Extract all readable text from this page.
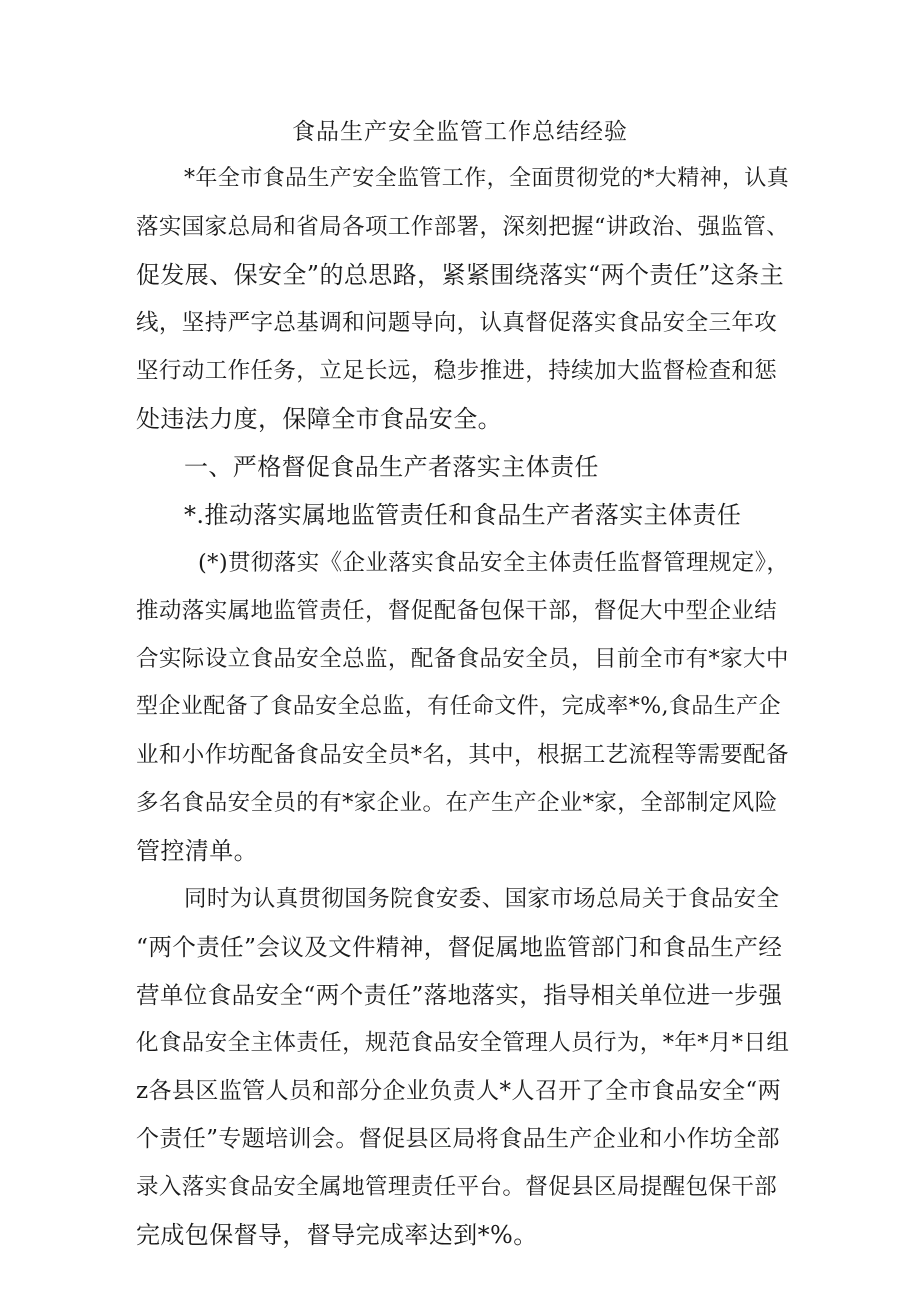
食品生产安全监管工作总结经验
*年全市食品生产安全监管工作，全面贯彻党的*大精神，认真
落实国家总局和省局各项工作部署，深刻把握“讲政治、强监管、
促发展、保安全”的总思路，紧紧围绕落实“两个责任”这条主
线，坚持严字总基调和问题导向，认真督促落实食品安全三年攻
坚行动工作任务，立足长远，稳步推进，持续加大监督检查和惩
处违法力度，保障全市食品安全。
一、严格督促食品生产者落实主体责任
*.推动落实属地监管责任和食品生产者落实主体责任
(*)贯彻落实《企业落实食品安全主体责任监督管理规定》，
推动落实属地监管责任，督促配备包保干部，督促大中型企业结
合实际设立食品安全总监，配备食品安全员，目前全市有*家大中
型企业配备了食品安全总监，有任命文件，完成率*%,食品生产企
业和小作坊配备食品安全员*名，其中，根据工艺流程等需要配备
多名食品安全员的有*家企业。在产生产企业*家，全部制定风险
管控清单。
同时为认真贯彻国务院食安委、国家市场总局关于食品安全
“两个责任”会议及文件精神，督促属地监管部门和食品生产经
营单位食品安全“两个责任”落地落实，指导相关单位进一步强
化食品安全主体责任，规范食品安全管理人员行为，*年*月*日组
z各县区监管人员和部分企业负责人*人召开了全市食品安全“两
个责任”专题培训会。督促县区局将食品生产企业和小作坊全部
录入落实食品安全属地管理责任平台。督促县区局提醒包保干部
完成包保督导，督导完成率达到*%。
